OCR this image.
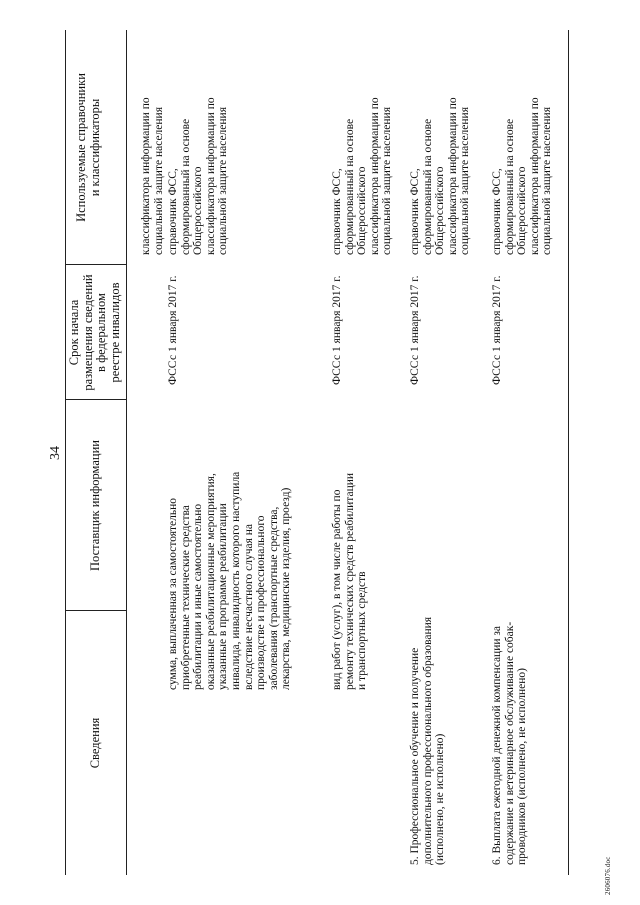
34
Сведения
Поставщик информации
Срок начала
размещения сведений
в федеральном
реестре инвалидов
Используемые справочники
и классификаторы
классификатора информации по
социальной защите населения
сумма, выплаченная за самостоятельно
приобретенные технические средства
реабилитации и иные самостоятельно
оказанные реабилитационные мероприятия,
указанные в программе реабилитации
инвалида, инвалидность которого наступила
вследствие несчастного случая на
производстве и профессионального
заболевания (транспортные средства,
лекарства, медицинские изделия, проезд)
ФСС
с 1 января 2017 г.
справочник ФСС,
сформированный на основе
Общероссийского
классификатора информации по
социальной защите населения
вид работ (услуг), в том числе работы по
ремонту технических средств реабилитации
и транспортных средств
ФСС
с 1 января 2017 г.
справочник ФСС,
сформированный на основе
Общероссийского
классификатора информации по
социальной защите населения
5. Профессиональное обучение и получение
дополнительного профессионального образования
(исполнено, не исполнено)
ФСС
с 1 января 2017 г.
справочник ФСС,
сформированный на основе
Общероссийского
классификатора информации по
социальной защите населения
6. Выплата ежегодной денежной компенсации за
содержание и ветеринарное обслуживание собак-
проводников (исполнено, не исполнено)
ФСС
с 1 января 2017 г.
справочник ФСС,
сформированный на основе
Общероссийского
классификатора информации по
социальной защите населения
2606076.doc
